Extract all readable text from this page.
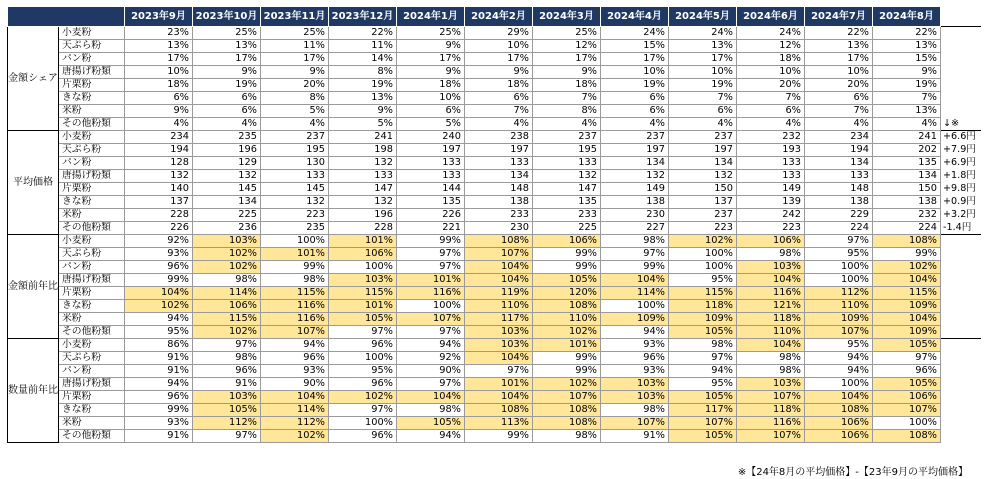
		2023年9月	2023年10月	2023年11月	2023年12月	2024年1月	2024年2月	2024年3月	2024年4月	2024年5月	2024年6月	2024年7月	2024年8月	
金額シェア	小麦粉	23%	25%	25%	22%	25%	29%	25%	24%	24%	24%	22%	22%	
	天ぷら粉	13%	13%	11%	11%	9%	10%	12%	15%	13%	12%	13%	13%	
	パン粉	17%	17%	17%	14%	17%	17%	17%	17%	17%	18%	17%	15%	
	唐揚げ粉類	10%	9%	9%	8%	9%	9%	9%	10%	10%	10%	10%	9%	
	片栗粉	18%	19%	20%	19%	18%	18%	18%	19%	19%	20%	20%	19%	
	きな粉	6%	6%	8%	13%	10%	6%	7%	6%	7%	7%	6%	7%	
	米粉	9%	6%	5%	9%	6%	7%	8%	6%	6%	6%	7%	13%	
	その他粉類	4%	4%	4%	5%	5%	4%	4%	4%	4%	4%	4%	4%	↓※
平均価格	小麦粉	234	235	237	241	240	238	237	237	237	232	234	241	+6.6円
	天ぷら粉	194	196	195	198	197	197	195	197	197	193	194	202	+7.9円
	パン粉	128	129	130	132	133	133	133	134	134	133	134	135	+6.9円
	唐揚げ粉類	132	132	133	133	133	134	132	132	132	133	133	134	+1.8円
	片栗粉	140	145	145	147	144	148	147	149	150	149	148	150	+9.8円
	きな粉	137	134	132	132	135	138	135	138	137	139	138	138	+0.9円
	米粉	228	225	223	196	226	233	233	230	237	242	229	232	+3.2円
	その他粉類	226	236	235	228	221	230	225	227	223	223	224	224	-1.4円
金額前年比	小麦粉	92%	103%	100%	101%	99%	108%	106%	98%	102%	106%	97%	108%	
	天ぷら粉	93%	102%	101%	106%	97%	107%	99%	97%	100%	98%	95%	99%	
	パン粉	96%	102%	99%	100%	97%	104%	99%	99%	100%	103%	100%	102%	
	唐揚げ粉類	99%	98%	98%	103%	101%	104%	105%	104%	95%	104%	100%	104%	
	片栗粉	104%	114%	115%	115%	116%	119%	120%	114%	115%	116%	112%	115%	
	きな粉	102%	106%	116%	101%	100%	110%	108%	100%	118%	121%	110%	109%	
	米粉	94%	115%	116%	105%	107%	117%	110%	109%	109%	118%	109%	104%	
	その他粉類	95%	102%	107%	97%	97%	103%	102%	94%	105%	110%	107%	109%	
数量前年比	小麦粉	86%	97%	94%	96%	94%	103%	101%	93%	98%	104%	95%	105%	
	天ぷら粉	91%	98%	96%	100%	92%	104%	99%	96%	97%	98%	94%	97%	
	パン粉	91%	96%	93%	95%	90%	97%	99%	93%	94%	98%	94%	96%	
	唐揚げ粉類	94%	91%	90%	96%	97%	101%	102%	103%	95%	103%	100%	105%	
	片栗粉	96%	103%	104%	102%	104%	104%	107%	103%	105%	107%	104%	106%	
	きな粉	99%	105%	114%	97%	98%	108%	108%	98%	117%	118%	108%	107%	
	米粉	93%	112%	112%	100%	105%	113%	108%	107%	107%	116%	106%	100%	
	その他粉類	91%	97%	102%	96%	94%	99%	98%	91%	105%	107%	106%	108%	
※【24年8月の平均価格】-【23年9月の平均価格】
